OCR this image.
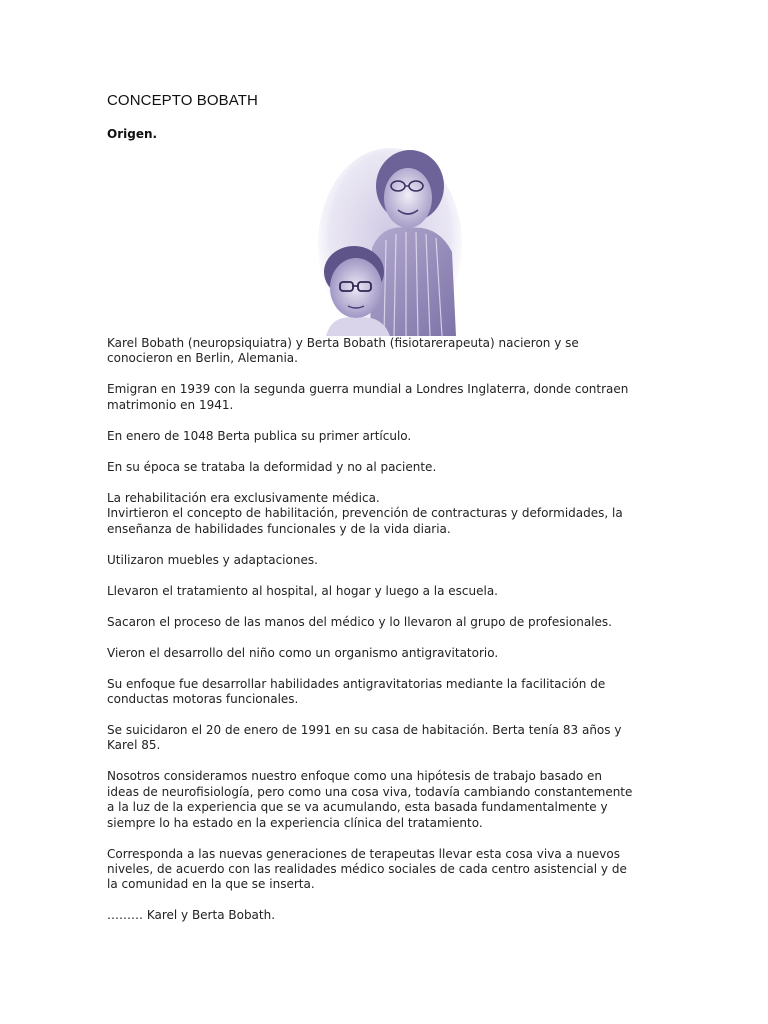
CONCEPTO BOBATH
Origen.

Karel Bobath (neuropsiquiatra) y Berta Bobath (fisiotarerapeuta) nacieron y se
conocieron en Berlin, Alemania.

Emigran en 1939 con la segunda guerra mundial a Londres Inglaterra, donde contraen
matrimonio en 1941.

En enero de 1048 Berta publica su primer artículo.

En su época se trataba la deformidad y no al paciente.

La rehabilitación era exclusivamente médica.
Invirtieron el concepto de habilitación, prevención de contracturas y deformidades, la
enseñanza de habilidades funcionales y de la vida diaria.

Utilizaron muebles y adaptaciones.

Llevaron el tratamiento al hospital, al hogar y luego a la escuela.

Sacaron el proceso de las manos del médico y lo llevaron al grupo de profesionales.

Vieron el desarrollo del niño como un organismo antigravitatorio.

Su enfoque fue desarrollar habilidades antigravitatorias mediante la facilitación de
conductas motoras funcionales.

Se suicidaron el 20 de enero de 1991 en su casa de habitación. Berta tenía 83 años y
Karel 85.

Nosotros consideramos nuestro enfoque como una hipótesis de trabajo basado en
ideas de neurofisiología, pero como una cosa viva, todavía cambiando constantemente
a la luz de la experiencia que se va acumulando, esta basada fundamentalmente y
siempre lo ha estado en la experiencia clínica del tratamiento.

Corresponda a las nuevas generaciones de terapeutas llevar esta cosa viva a nuevos
niveles, de acuerdo con las realidades médico sociales de cada centro asistencial y de
la comunidad en la que se inserta.

……… Karel y Berta Bobath.
